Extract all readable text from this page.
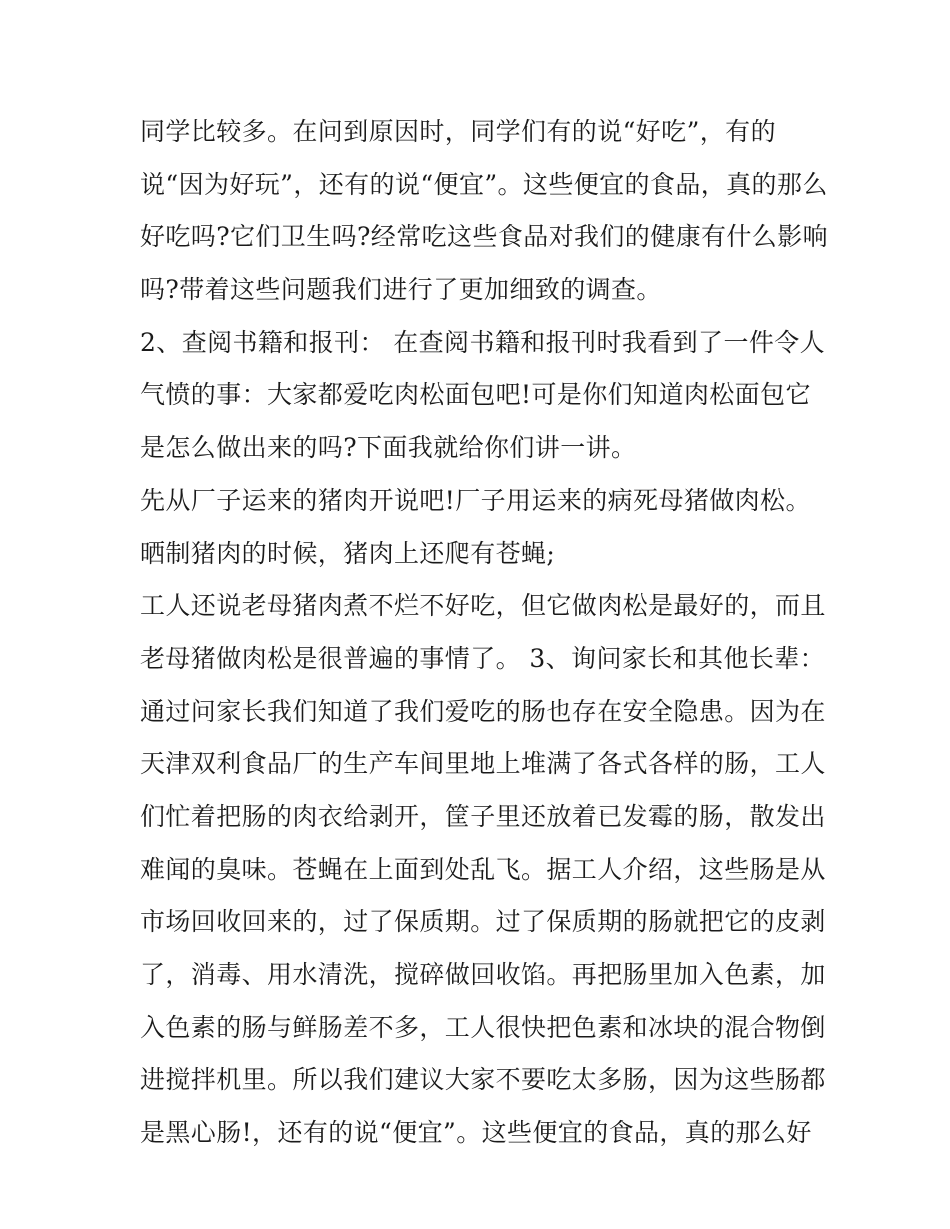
同学比较多。在问到原因时，同学们有的说“好吃”，有的
说“因为好玩”，还有的说“便宜”。这些便宜的食品，真的那么
好吃吗?它们卫生吗?经常吃这些食品对我们的健康有什么影响
吗?带着这些问题我们进行了更加细致的调查。
2、查阅书籍和报刊： 在查阅书籍和报刊时我看到了一件令人
气愤的事：大家都爱吃肉松面包吧!可是你们知道肉松面包它
是怎么做出来的吗?下面我就给你们讲一讲。
先从厂子运来的猪肉开说吧!厂子用运来的病死母猪做肉松。
晒制猪肉的时候，猪肉上还爬有苍蝇;
工人还说老母猪肉煮不烂不好吃，但它做肉松是最好的，而且
老母猪做肉松是很普遍的事情了。 3、询问家长和其他长辈：
通过问家长我们知道了我们爱吃的肠也存在安全隐患。因为在
天津双利食品厂的生产车间里地上堆满了各式各样的肠，工人
们忙着把肠的肉衣给剥开，筐子里还放着已发霉的肠，散发出
难闻的臭味。苍蝇在上面到处乱飞。据工人介绍，这些肠是从
市场回收回来的，过了保质期。过了保质期的肠就把它的皮剥
了，消毒、用水清洗，搅碎做回收馅。再把肠里加入色素，加
入色素的肠与鲜肠差不多，工人很快把色素和冰块的混合物倒
进搅拌机里。所以我们建议大家不要吃太多肠，因为这些肠都
是黑心肠!，还有的说“便宜”。这些便宜的食品，真的那么好
